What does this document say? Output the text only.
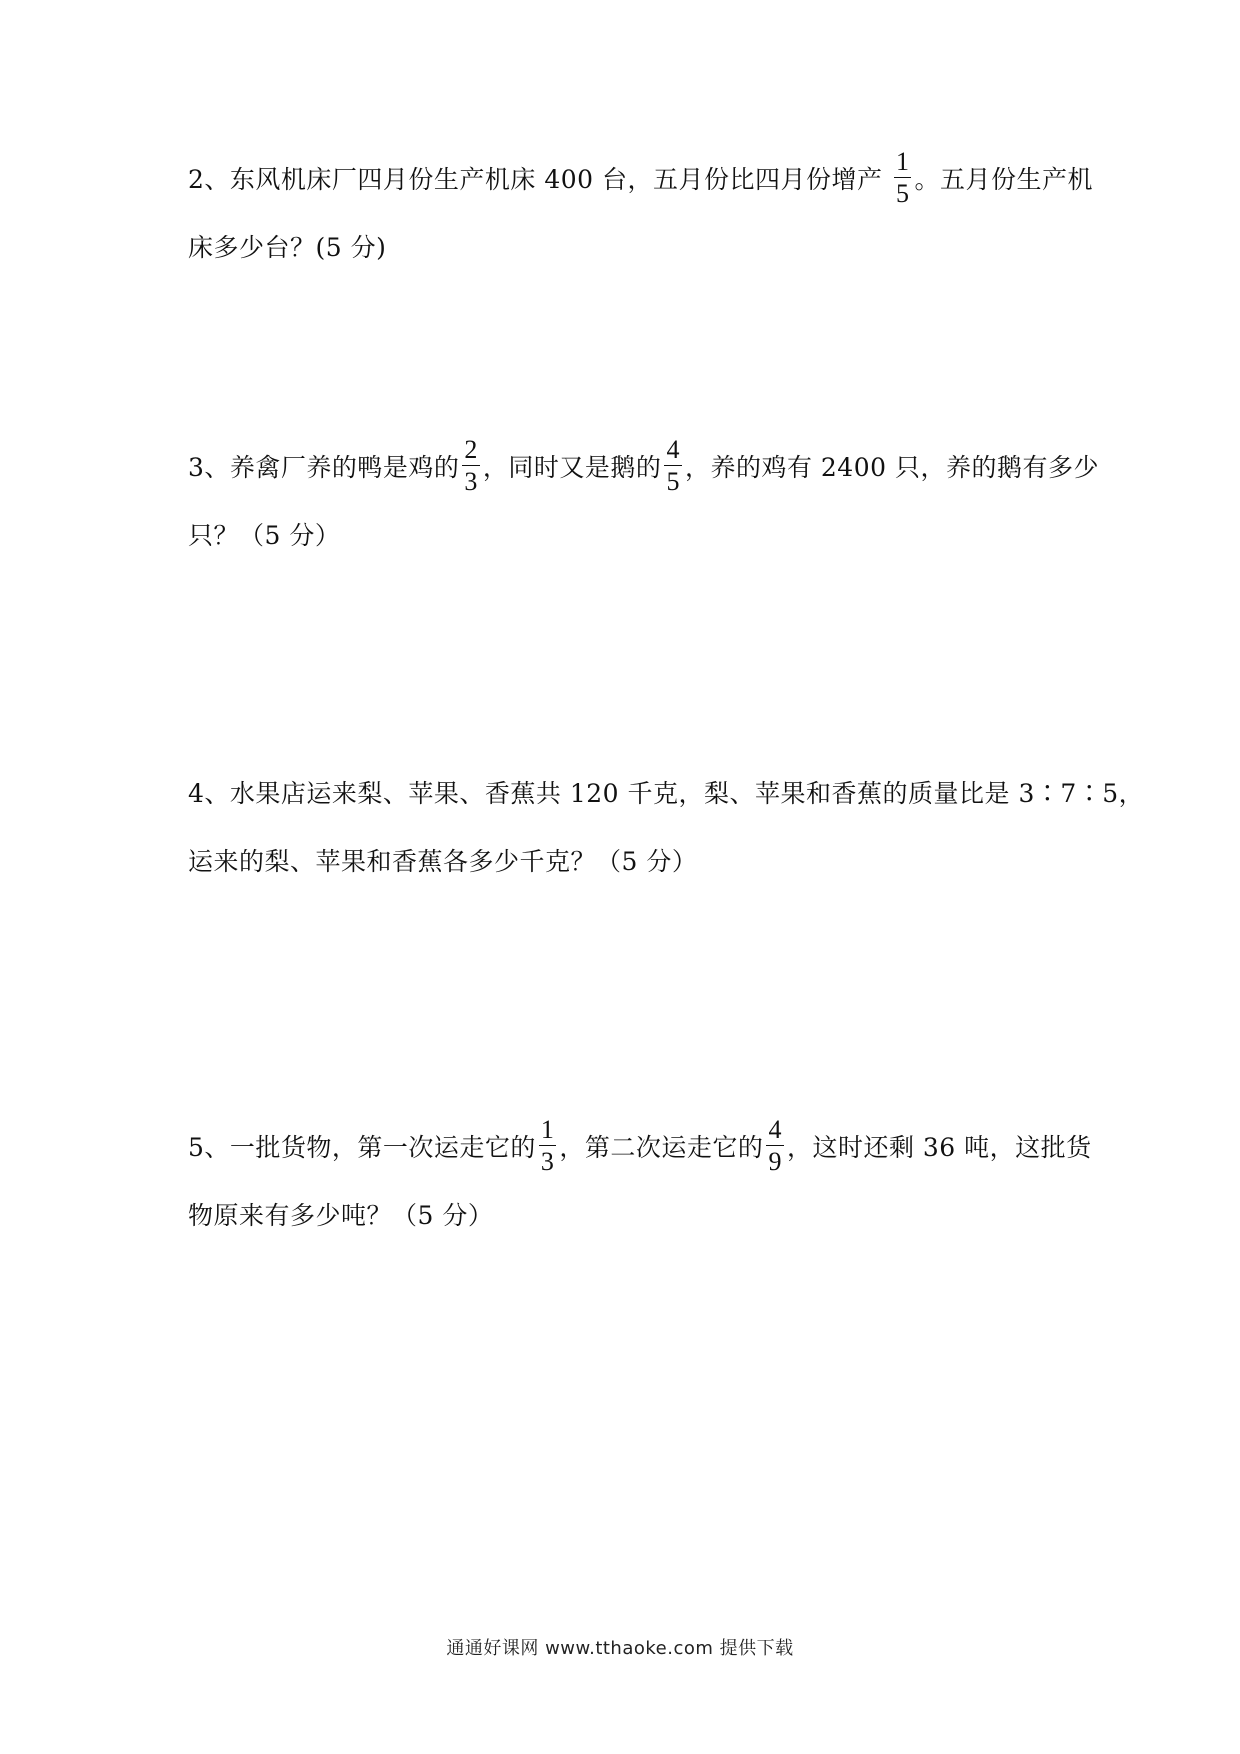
2、东风机床厂四月份生产机床 400 台，五月份比四月份增产 $\frac{1}{5}$ 。五月份生产机
床多少台？(5 分)
3、养禽厂养的鸭是鸡的 $\frac{2}{3}$ ，同时又是鹅的 $\frac{4}{5}$ ，养的鸡有 2400 只，养的鹅有多少
只？（5 分）
4、水果店运来梨、苹果、香蕉共 120 千克，梨、苹果和香蕉的质量比是 3∶7∶5，
运来的梨、苹果和香蕉各多少千克？（5 分）
5、一批货物，第一次运走它的 $\frac{1}{3}$ ，第二次运走它的 $\frac{4}{9}$ ，这时还剩 36 吨，这批货
物原来有多少吨？（5 分）
通通好课网 www.tthaoke.com 提供下载
